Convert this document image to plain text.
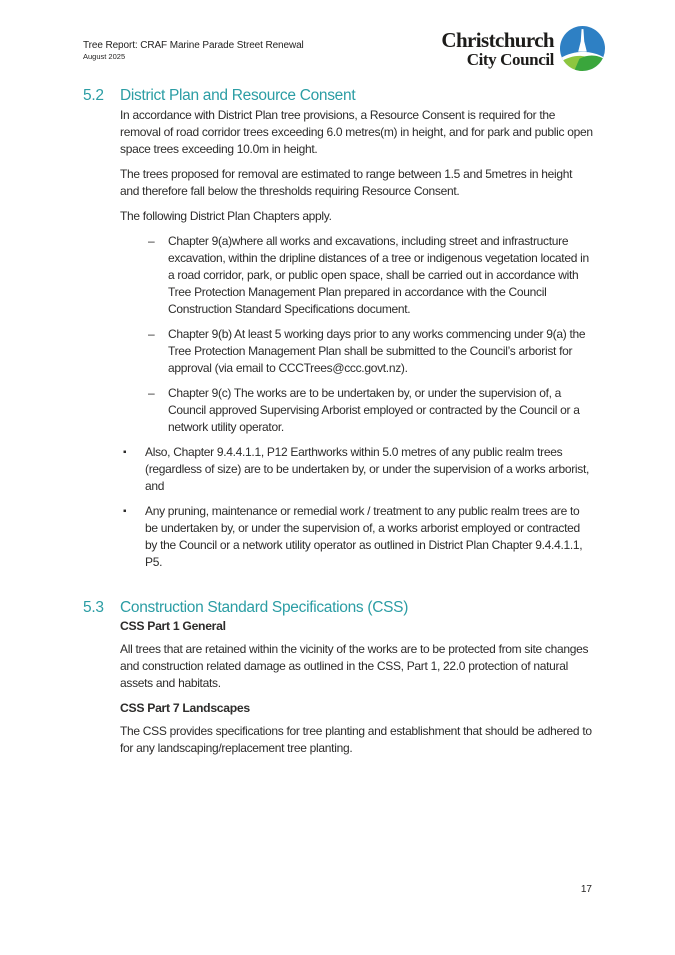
Tree Report: CRAF Marine Parade Street Renewal
August 2025
Christchurch
City Council
5.2	District Plan and Resource Consent

In accordance with District Plan tree provisions, a Resource Consent is required for the removal of road corridor trees exceeding 6.0 metres(m) in height, and for park and public open space trees exceeding 10.0m in height.

The trees proposed for removal are estimated to range between 1.5 and 5metres in height and therefore fall below the thresholds requiring Resource Consent.

The following District Plan Chapters apply.

–	Chapter 9(a)where all works and excavations, including street and infrastructure excavation, within the dripline distances of a tree or indigenous vegetation located in a road corridor, park, or public open space, shall be carried out in accordance with Tree Protection Management Plan prepared in accordance with the Council Construction Standard Specifications document.
–	Chapter 9(b) At least 5 working days prior to any works commencing under 9(a) the Tree Protection Management Plan shall be submitted to the Council’s arborist for approval (via email to CCCTrees@ccc.govt.nz).
–	Chapter 9(c) The works are to be undertaken by, or under the supervision of, a Council approved Supervising Arborist employed or contracted by the Council or a network utility operator.
▪	Also, Chapter 9.4.4.1.1, P12 Earthworks within 5.0 metres of any public realm trees (regardless of size) are to be undertaken by, or under the supervision of a works arborist, and
▪	Any pruning, maintenance or remedial work / treatment to any public realm trees are to be undertaken by, or under the supervision of, a works arborist employed or contracted by the Council or a network utility operator as outlined in District Plan Chapter 9.4.4.1.1, P5.
5.3	Construction Standard Specifications (CSS)
CSS Part 1 General

All trees that are retained within the vicinity of the works are to be protected from site changes and construction related damage as outlined in the CSS, Part 1, 22.0 protection of natural assets and habitats.

CSS Part 7 Landscapes

The CSS provides specifications for tree planting and establishment that should be adhered to for any landscaping/replacement tree planting.

17
